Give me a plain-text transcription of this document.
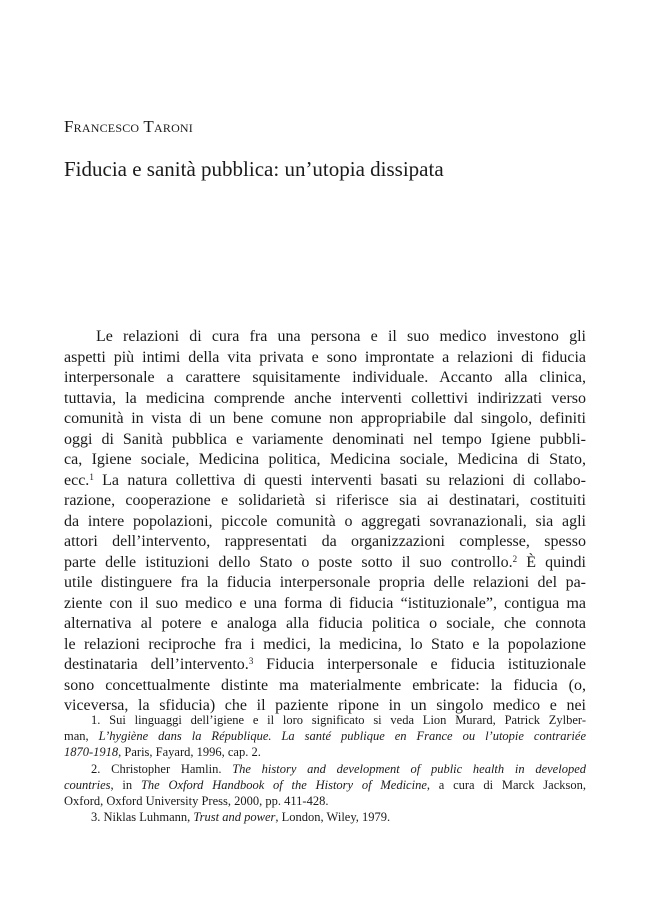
Francesco Taroni
Fiducia e sanità pubblica: un’utopia dissipata
Le relazioni di cura fra una persona e il suo medico investono gli
aspetti più intimi della vita privata e sono improntate a relazioni di fiducia
interpersonale a carattere squisitamente individuale. Accanto alla clinica,
tuttavia, la medicina comprende anche interventi collettivi indirizzati verso
comunità in vista di un bene comune non appropriabile dal singolo, definiti
oggi di Sanità pubblica e variamente denominati nel tempo Igiene pubbli-
ca, Igiene sociale, Medicina politica, Medicina sociale, Medicina di Stato,
ecc.$^1$ La natura collettiva di questi interventi basati su relazioni di collabo-
razione, cooperazione e solidarietà si riferisce sia ai destinatari, costituiti
da intere popolazioni, piccole comunità o aggregati sovranazionali, sia agli
attori dell’intervento, rappresentati da organizzazioni complesse, spesso
parte delle istituzioni dello Stato o poste sotto il suo controllo.$^2$ È quindi
utile distinguere fra la fiducia interpersonale propria delle relazioni del pa-
ziente con il suo medico e una forma di fiducia “istituzionale”, contigua ma
alternativa al potere e analoga alla fiducia politica o sociale, che connota
le relazioni reciproche fra i medici, la medicina, lo Stato e la popolazione
destinataria dell’intervento.$^3$ Fiducia interpersonale e fiducia istituzionale
sono concettualmente distinte ma materialmente embricate: la fiducia (o,
viceversa, la sfiducia) che il paziente ripone in un singolo medico e nei
1. Sui linguaggi dell’igiene e il loro significato si veda Lion Murard, Patrick Zylber-
man, L’hygiène dans la République. La santé publique en France ou l’utopie contrariée
1870-1918, Paris, Fayard, 1996, cap. 2.
2. Christopher Hamlin. The history and development of public health in developed
countries, in The Oxford Handbook of the History of Medicine, a cura di Marck Jackson,
Oxford, Oxford University Press, 2000, pp. 411-428.
3. Niklas Luhmann, Trust and power, London, Wiley, 1979.
